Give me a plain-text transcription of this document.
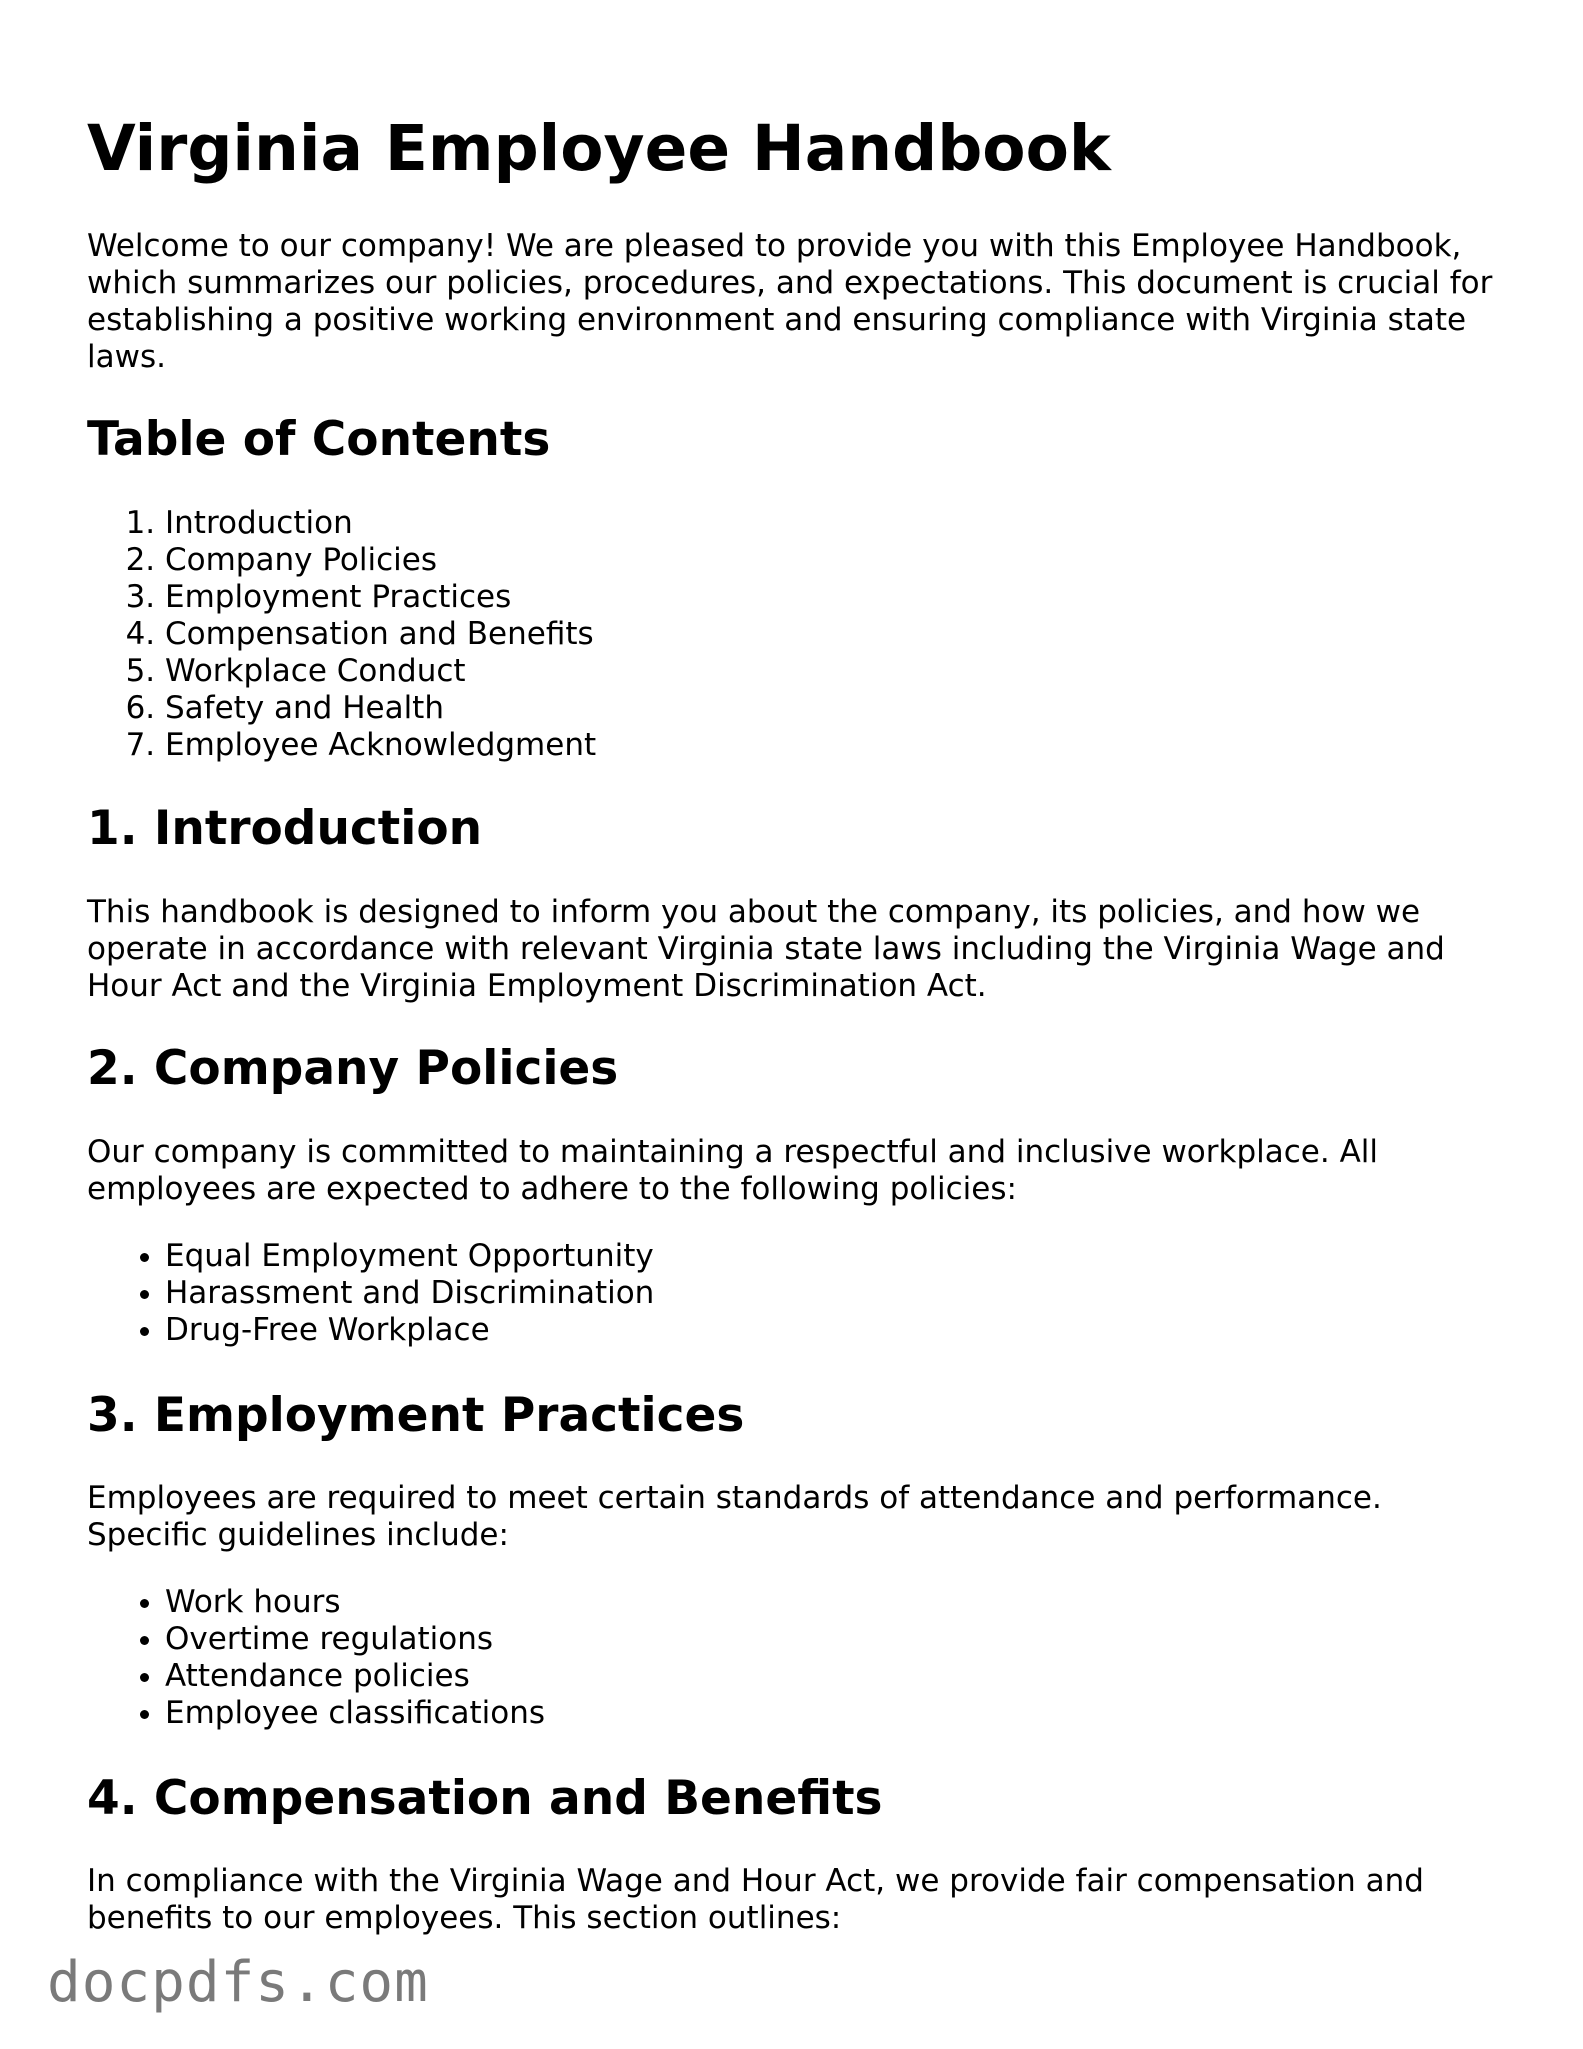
Virginia Employee Handbook

Welcome to our company! We are pleased to provide you with this Employee Handbook, which summarizes our policies, procedures, and expectations. This document is crucial for establishing a positive working environment and ensuring compliance with Virginia state laws.

Table of Contents
1. Introduction
2. Company Policies
3. Employment Practices
4. Compensation and Benefits
5. Workplace Conduct
6. Safety and Health
7. Employee Acknowledgment
1. Introduction

This handbook is designed to inform you about the company, its policies, and how we operate in accordance with relevant Virginia state laws including the Virginia Wage and Hour Act and the Virginia Employment Discrimination Act.

2. Company Policies

Our company is committed to maintaining a respectful and inclusive workplace. All employees are expected to adhere to the following policies:

• Equal Employment Opportunity
• Harassment and Discrimination
• Drug-Free Workplace
3. Employment Practices

Employees are required to meet certain standards of attendance and performance. Specific guidelines include:

• Work hours
• Overtime regulations
• Attendance policies
• Employee classifications
4. Compensation and Benefits

In compliance with the Virginia Wage and Hour Act, we provide fair compensation and benefits to our employees. This section outlines:

docpdfs.com
